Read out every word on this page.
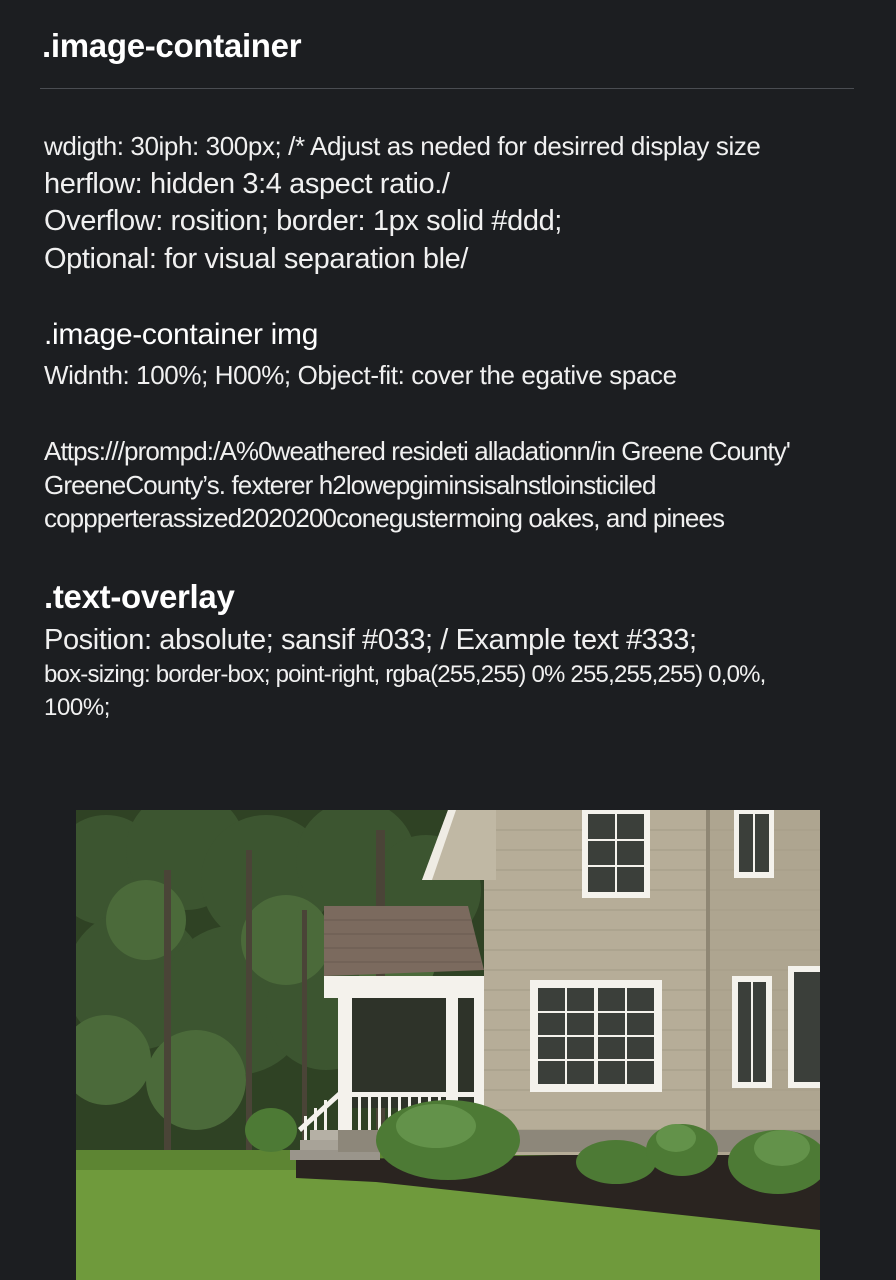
.image-container
wdigth: 30iph: 300px; /* Adjust as neded for desirred display size
herflow: hidden 3:4 aspect ratio./
Overflow: rosition; border: 1px solid #ddd;
Optional: for visual separation ble/
.image-container img
Widnth: 100%; H00%; Object-fit: cover the egative space
Attps:///prompd:/A%0weathered resideti alladationn/in Greene County'
GreeneCounty’s. fexterer h2lowepgiminsisalnstloinsticiled
coppperterassized2020200conegustermoing oakes, and pinees
.text-overlay
Position: absolute; sansif #033; / Example text #333;
box-sizing: border-box; point-right, rgba(255,255) 0% 255,255,255) 0,0%,
100%;
